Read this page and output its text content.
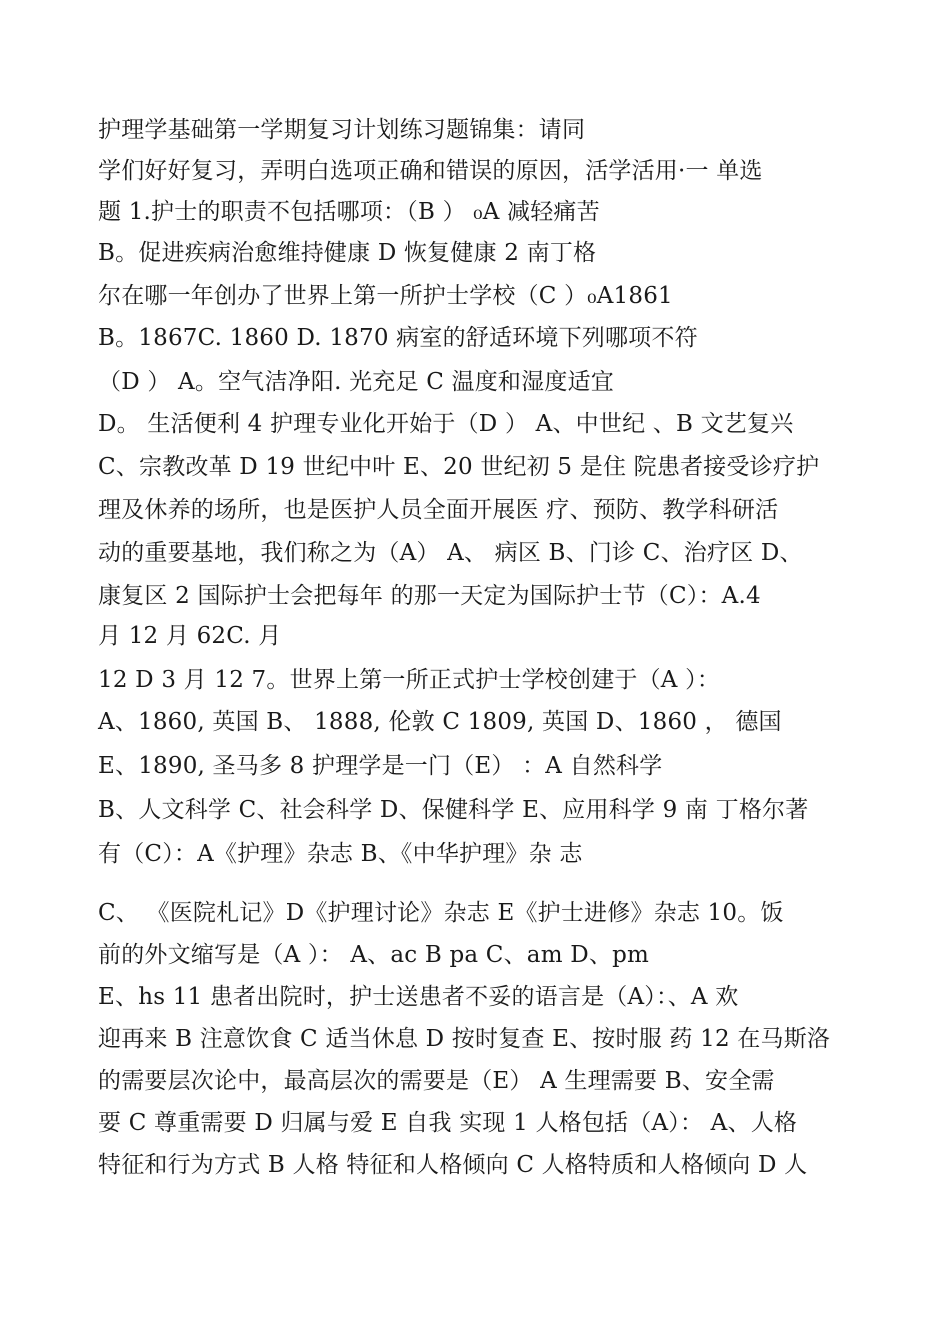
护理学基础第一学期复习计划练习题锦集：请同
学们好好复习，弄明白选项正确和错误的原因，活学活用·一 单选
题 1.护士的职责不包括哪项：（B ） ₀A 减轻痛苦
B。促进疾病治愈维持健康 D 恢复健康 2 南丁格
尔在哪一年创办了世界上第一所护士学校（C ）₀A1861
B。1867C. 1860 D. 1870 病室的舒适环境下列哪项不符
（D ） A。空气洁净阳. 光充足 C 温度和湿度适宜
D。 生活便利 4 护理专业化开始于（D ） A、中世纪 、B 文艺复兴
C、宗教改革 D 19 世纪中叶 E、20 世纪初 5 是住 院患者接受诊疗护
理及休养的场所，也是医护人员全面开展医 疗、预防、教学科研活
动的重要基地，我们称之为（A） A、 病区 B、门诊 C、治疗区 D、
康复区 2 国际护士会把每年 的那一天定为国际护士节（C）：A.4
月 12 月 62C. 月
12 D 3 月 12 7。世界上第一所正式护士学校创建于（A ）：
A、1860, 英国 B、 1888, 伦敦 C 1809, 英国 D、1860 ， 德国
E、1890, 圣马多 8 护理学是一门（E） ：A 自然科学
B、人文科学 C、社会科学 D、保健科学 E、应用科学 9 南 丁格尔著
有（C）：A《护理》杂志 B、《中华护理》杂 志
C、 《医院札记》D《护理讨论》杂志 E《护士进修》杂志 10。饭
前的外文缩写是（A ）： A、ac B pa C、am D、pm
E、hs 11 患者出院时，护士送患者不妥的语言是（A）：、A 欢
迎再来 B 注意饮食 C 适当休息 D 按时复查 E、按时服 药 12 在马斯洛
的需要层次论中，最高层次的需要是（E） A 生理需要 B、安全需
要 C 尊重需要 D 归属与爱 E 自我 实现 1 人格包括（A）： A、人格
特征和行为方式 B 人格 特征和人格倾向 C 人格特质和人格倾向 D 人
